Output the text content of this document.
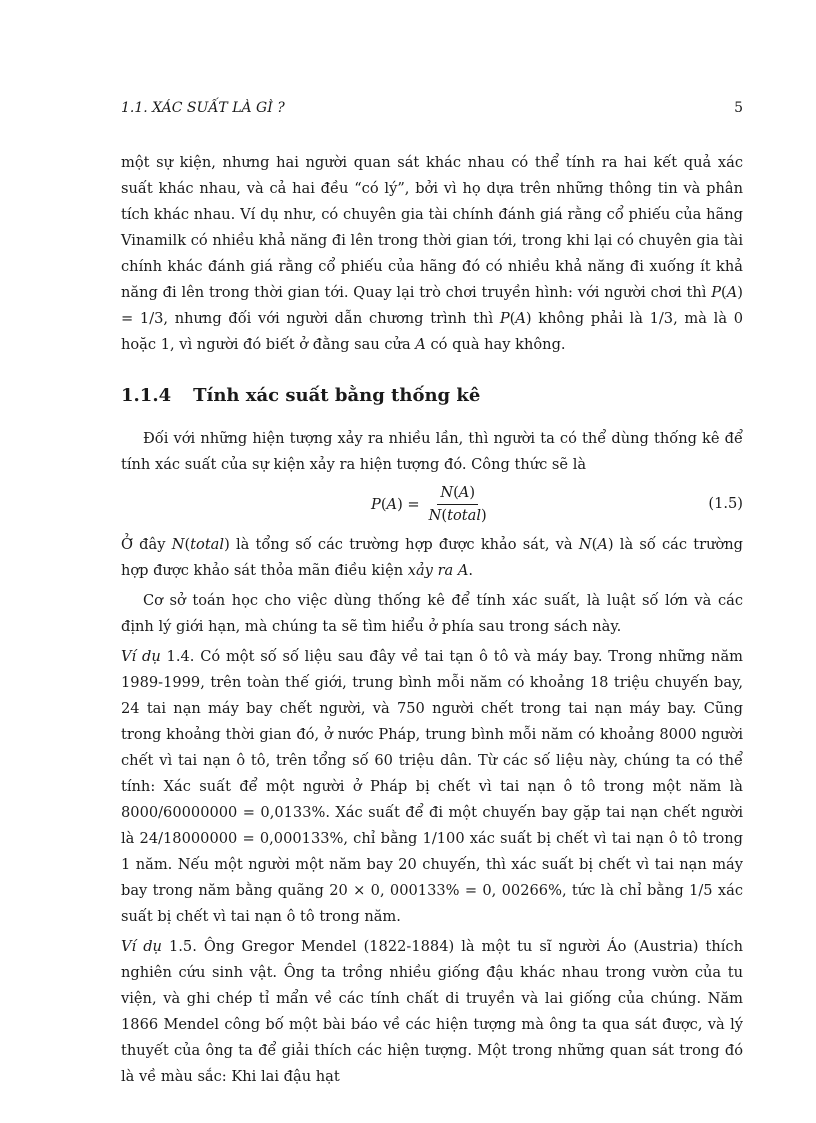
1.1. XÁC SUẤT LÀ GÌ ?	5

một sự kiện, nhưng hai người quan sát khác nhau có thể tính ra hai kết quả xác suất khác nhau, và cả hai đều “có lý”, bởi vì họ dựa trên những thông tin và phân tích khác nhau. Ví dụ như, có chuyên gia tài chính đánh giá rằng cổ phiếu của hãng Vinamilk có nhiều khả năng đi lên trong thời gian tới, trong khi lại có chuyên gia tài chính khác đánh giá rằng cổ phiếu của hãng đó có nhiều khả năng đi xuống ít khả năng đi lên trong thời gian tới. Quay lại trò chơi truyền hình: với người chơi thì P(A) = 1/3, nhưng đối với người dẫn chương trình thì P(A) không phải là 1/3, mà là 0 hoặc 1, vì người đó biết ở đằng sau cửa A có quà hay không.

1.1.4 Tính xác suất bằng thống kê

Đối với những hiện tượng xảy ra nhiều lần, thì người ta có thể dùng thống kê để tính xác suất của sự kiện xảy ra hiện tượng đó. Công thức sẽ là

P ( A ) = $\frac{N(A)}{\text{N(total)}}$	(1.5)

Ở đây N(total) là tổng số các trường hợp được khảo sát, và N(A) là số các trường hợp được khảo sát thỏa mãn điều kiện xảy ra A.

Cơ sở toán học cho việc dùng thống kê để tính xác suất, là luật số lớn và các định lý giới hạn, mà chúng ta sẽ tìm hiểu ở phía sau trong sách này.

Ví dụ 1.4. Có một số số liệu sau đây về tai tạn ô tô và máy bay. Trong những năm 1989-1999, trên toàn thế giới, trung bình mỗi năm có khoảng 18 triệu chuyến bay, 24 tai nạn máy bay chết người, và 750 người chết trong tai nạn máy bay. Cũng trong khoảng thời gian đó, ở nước Pháp, trung bình mỗi năm có khoảng 8000 người chết vì tai nạn ô tô, trên tổng số 60 triệu dân. Từ các số liệu này, chúng ta có thể tính: Xác suất để một người ở Pháp bị chết vì tai nạn ô tô trong một năm là 8000/60000000 = 0,0133%. Xác suất để đi một chuyến bay gặp tai nạn chết người là 24/18000000 = 0,000133%, chỉ bằng 1/100 xác suất bị chết vì tai nạn ô tô trong 1 năm. Nếu một người một năm bay 20 chuyến, thì xác suất bị chết vì tai nạn máy bay trong năm bằng quãng 20 × 0, 000133% = 0, 00266%, tức là chỉ bằng 1/5 xác suất bị chết vì tai nạn ô tô trong năm.

Ví dụ 1.5. Ông Gregor Mendel (1822-1884) là một tu sĩ người Áo (Austria) thích nghiên cứu sinh vật. Ông ta trồng nhiều giống đậu khác nhau trong vườn của tu viện, và ghi chép tỉ mẩn về các tính chất di truyền và lai giống của chúng. Năm 1866 Mendel công bố một bài báo về các hiện tượng mà ông ta qua sát được, và lý thuyết của ông ta để giải thích các hiện tượng. Một trong những quan sát trong đó là về màu sắc: Khi lai đậu hạt
